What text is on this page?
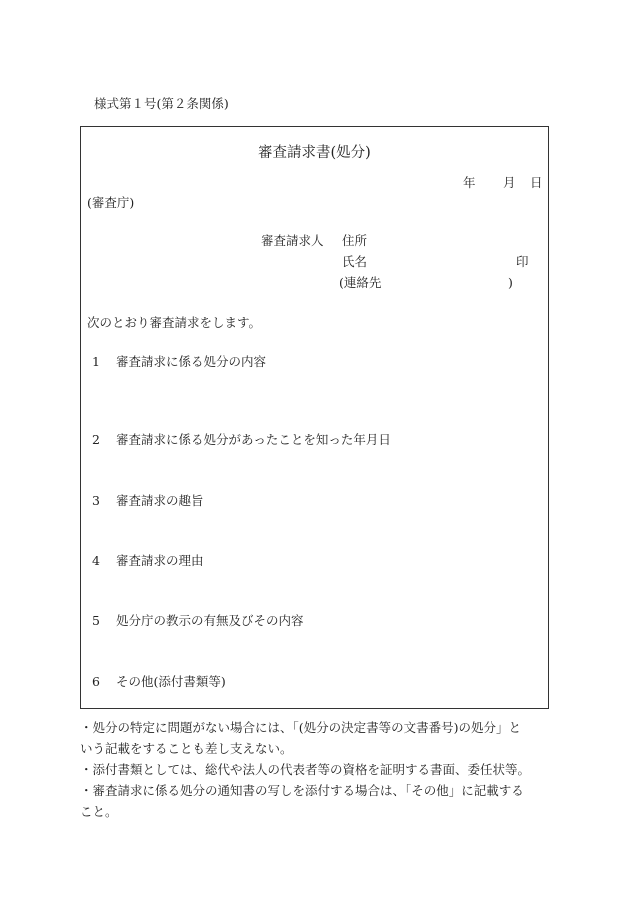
様式第１号(第２条関係)
審査請求書(処分)
年 月 日
(審査庁)
審査請求人 住所
氏名	印
(連絡先	)
次のとおり審査請求をします。
1 審査請求に係る処分の内容
2 審査請求に係る処分があったことを知った年月日
3 審査請求の趣旨
4 審査請求の理由
5 処分庁の教示の有無及びその内容
6 その他(添付書類等)
・処分の特定に問題がない場合には、「(処分の決定書等の文書番号)の処分」と
いう記載をすることも差し支えない。
・添付書類としては、総代や法人の代表者等の資格を証明する書面、委任状等。
・審査請求に係る処分の通知書の写しを添付する場合は、「その他」に記載する
こと。
